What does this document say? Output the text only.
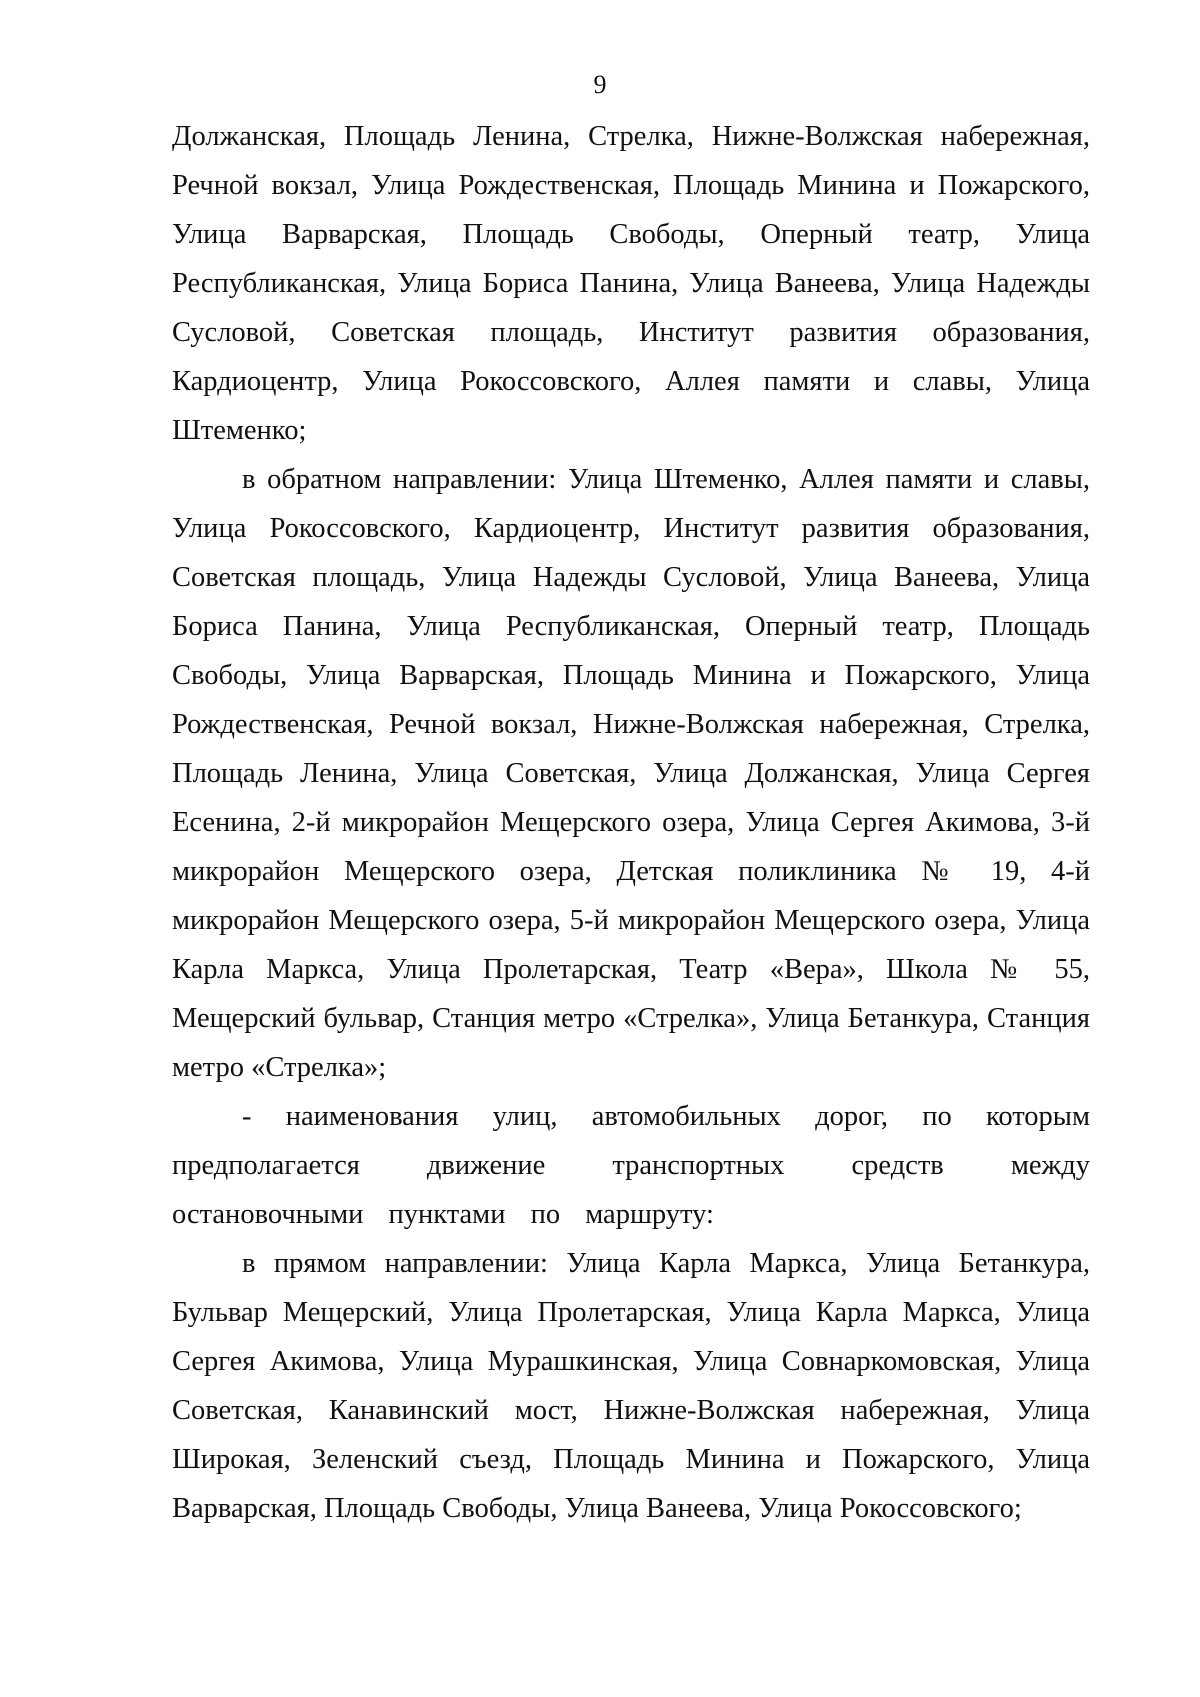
9

Должанская, Площадь Ленина, Стрелка, Нижне-Волжская набережная, Речной вокзал, Улица Рождественская, Площадь Минина и Пожарского, Улица Варварская, Площадь Свободы, Оперный театр, Улица Республиканская, Улица Бориса Панина, Улица Ванеева, Улица Надежды Сусловой, Советская площадь, Институт развития образования, Кардиоцентр, Улица Рокоссовского, Аллея памяти и славы, Улица Штеменко;

в обратном направлении: Улица Штеменко, Аллея памяти и славы, Улица Рокоссовского, Кардиоцентр, Институт развития образования, Советская площадь, Улица Надежды Сусловой, Улица Ванеева, Улица Бориса Панина, Улица Республиканская, Оперный театр, Площадь Свободы, Улица Варварская, Площадь Минина и Пожарского, Улица Рождественская, Речной вокзал, Нижне-Волжская набережная, Стрелка, Площадь Ленина, Улица Советская, Улица Должанская, Улица Сергея Есенина, 2-й микрорайон Мещерского озера, Улица Сергея Акимова, 3-й микрорайон Мещерского озера, Детская поликлиника № 19, 4-й микрорайон Мещерского озера, 5-й микрорайон Мещерского озера, Улица Карла Маркса, Улица Пролетарская, Театр «Вера», Школа № 55, Мещерский бульвар, Станция метро «Стрелка», Улица Бетанкура, Станция метро «Стрелка»;

- наименования улиц, автомобильных дорог, по которым предполагается движение транспортных средств между остановочными пунктами по маршруту:

в прямом направлении: Улица Карла Маркса, Улица Бетанкура, Бульвар Мещерский, Улица Пролетарская, Улица Карла Маркса, Улица Сергея Акимова, Улица Мурашкинская, Улица Совнаркомовская, Улица Советская, Канавинский мост, Нижне-Волжская набережная, Улица Широкая, Зеленский съезд, Площадь Минина и Пожарского, Улица Варварская, Площадь Свободы, Улица Ванеева, Улица Рокоссовского;
